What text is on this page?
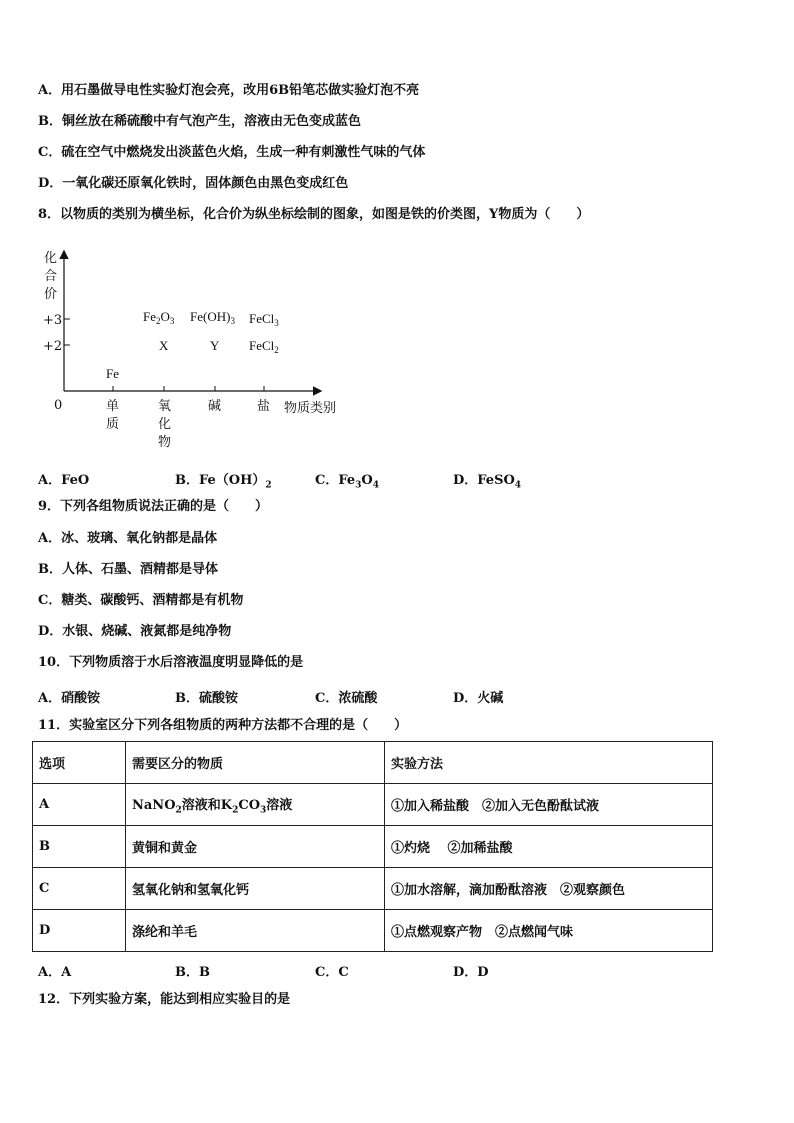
A．用石墨做导电性实验灯泡会亮，改用6B铅笔芯做实验灯泡不亮
B．铜丝放在稀硫酸中有气泡产生，溶液由无色变成蓝色
C．硫在空气中燃烧发出淡蓝色火焰，生成一种有刺激性气味的气体
D．一氧化碳还原氧化铁时，固体颜色由黑色变成红色
8．以物质的类别为横坐标，化合价为纵坐标绘制的图象，如图是铁的价类图，Y物质为（　　）
化
合
价
+3
+2
0	单
质
氧
化
物
碱	盐 物质类别
Fe
$Fe_2O_3$
X
$Fe(OH)_3$
Y
FeCl$_3$
FeCl$_2$
A．FeO	B．$Fe(OH)_2$	C．$Fe_3O_4$	D．FeSO$_4$
9．下列各组物质说法正确的是（　　）
A．冰、玻璃、氧化钠都是晶体
B．人体、石墨、酒精都是导体
C．糖类、碳酸钙、酒精都是有机物
D．水银、烧碱、液氮都是纯净物
10．下列物质溶于水后溶液温度明显降低的是
A．硝酸铵	B．硫酸铵	C．浓硫酸	D．火碱
11．实验室区分下列各组物质的两种方法都不合理的是（　　）
选项	需要区分的物质	实验方法
A	NaNO$_2$溶液和$K_2CO_3$溶液	①加入稀盐酸　②加入无色酚酞试液
B	黄铜和黄金	①灼烧　 ②加稀盐酸
C	氢氧化钠和氢氧化钙	①加水溶解，滴加酚酞溶液　②观察颜色
D	涤纶和羊毛	①点燃观察产物　②点燃闻气味
A．A	B．B	C．C	D．D
12．下列实验方案，能达到相应实验目的是
